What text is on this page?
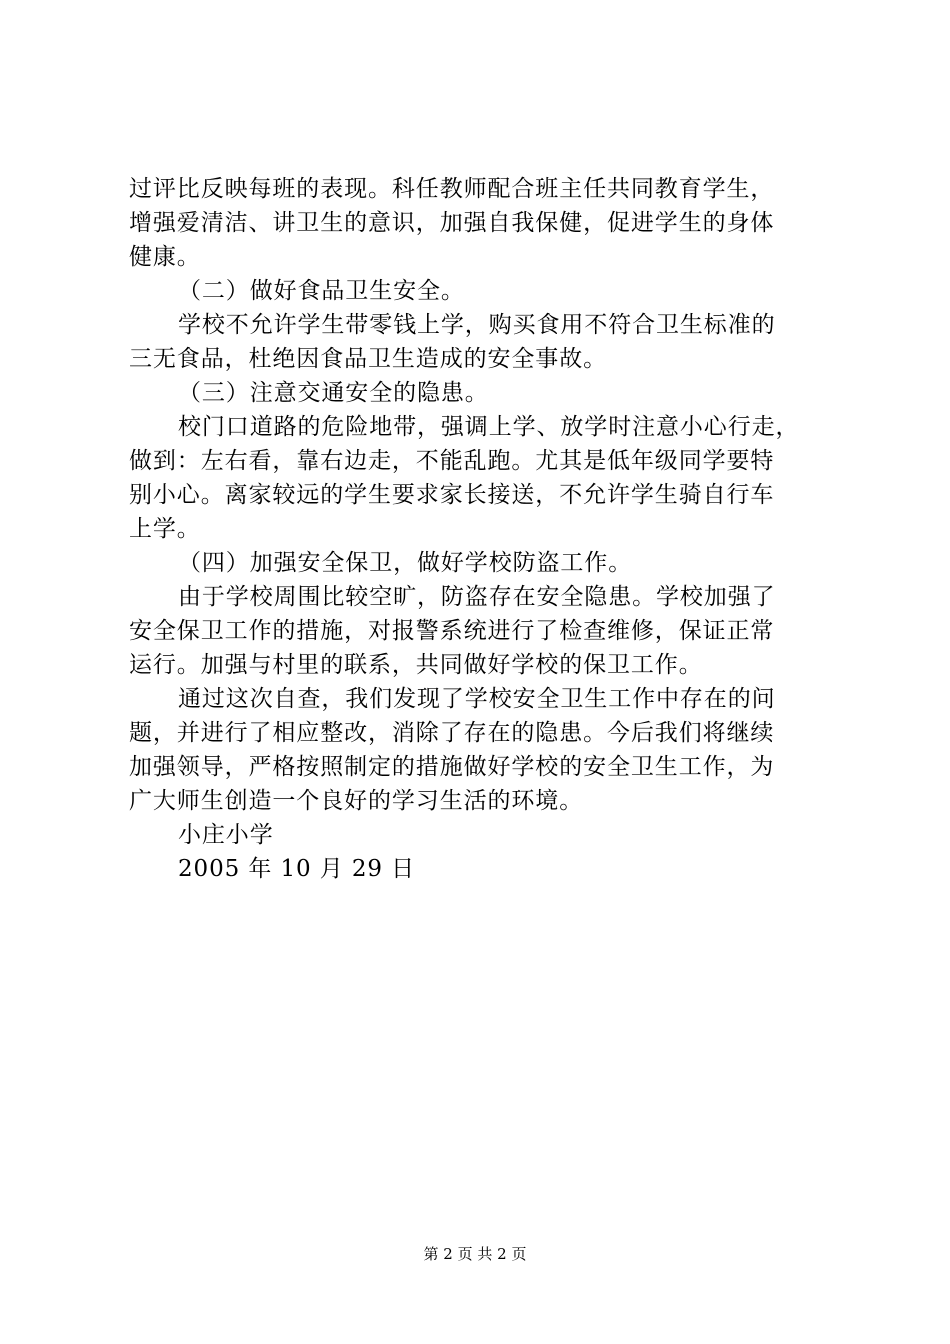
过评比反映每班的表现。科任教师配合班主任共同教育学生，
增强爱清洁、讲卫生的意识，加强自我保健，促进学生的身体
健康。
（二）做好食品卫生安全。
学校不允许学生带零钱上学，购买食用不符合卫生标准的
三无食品，杜绝因食品卫生造成的安全事故。
（三）注意交通安全的隐患。
校门口道路的危险地带，强调上学、放学时注意小心行走，
做到：左右看，靠右边走，不能乱跑。尤其是低年级同学要特
别小心。离家较远的学生要求家长接送，不允许学生骑自行车
上学。
（四）加强安全保卫，做好学校防盗工作。
由于学校周围比较空旷，防盗存在安全隐患。学校加强了
安全保卫工作的措施，对报警系统进行了检查维修，保证正常
运行。加强与村里的联系，共同做好学校的保卫工作。
通过这次自查，我们发现了学校安全卫生工作中存在的问
题，并进行了相应整改，消除了存在的隐患。今后我们将继续
加强领导，严格按照制定的措施做好学校的安全卫生工作，为
广大师生创造一个良好的学习生活的环境。
小庄小学
2005 年 10 月 29 日
第 2 页 共 2 页
